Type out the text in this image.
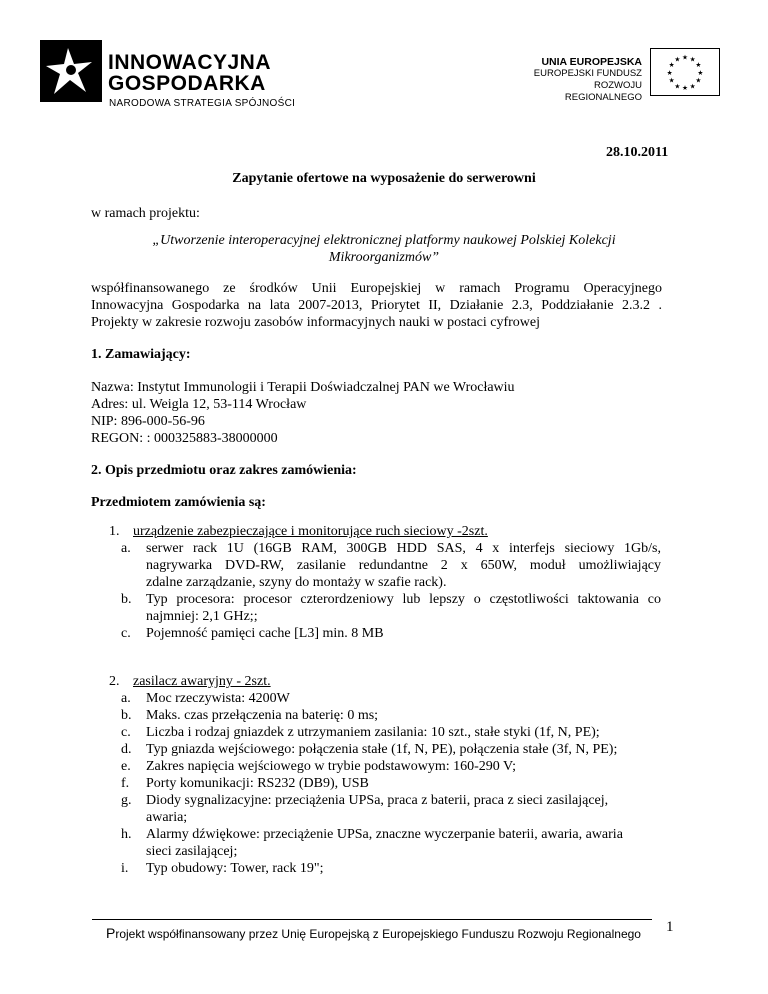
INNOWACYJNA
GOSPODARKA
NARODOWA STRATEGIA SPÓJNOŚCI
UNIA EUROPEJSKA
EUROPEJSKI FUNDUSZ
ROZWOJU REGIONALNEGO
★ ★
★
★
★
★
★
★
★
★
★
★
28.10.2011
Zapytanie ofertowe na wyposażenie do serwerowni
w ramach projektu:
„Utworzenie interoperacyjnej elektronicznej platformy naukowej Polskiej Kolekcji
Mikroorganizmów”
współfinansowanego ze środków Unii Europejskiej w ramach Programu Operacyjnego
Innowacyjna Gospodarka na lata 2007-2013, Priorytet II, Działanie 2.3, Poddziałanie 2.3.2 .
Projekty w zakresie rozwoju zasobów informacyjnych nauki w postaci cyfrowej
1. Zamawiający:
Nazwa: Instytut Immunologii i Terapii Doświadczalnej PAN we Wrocławiu
Adres: ul. Weigla 12, 53-114 Wrocław
NIP: 896-000-56-96
REGON: : 000325883-38000000
2. Opis przedmiotu oraz zakres zamówienia:
Przedmiotem zamówienia są:
1. urządzenie zabezpieczające i monitorujące ruch sieciowy -2szt.
a. serwer rack 1U (16GB RAM, 300GB HDD SAS, 4 x interfejs sieciowy 1Gb/s,
nagrywarka DVD-RW, zasilanie redundantne 2 x 650W, moduł umożliwiający
zdalne zarządzanie, szyny do montaży w szafie rack).
b. Typ procesora: procesor czterordzeniowy lub lepszy o częstotliwości taktowania co
najmniej: 2,1 GHz;;
c. Pojemność pamięci cache [L3] min. 8 MB
2. zasilacz awaryjny - 2szt.
a. Moc rzeczywista: 4200W
b. Maks. czas przełączenia na baterię: 0 ms;
c. Liczba i rodzaj gniazdek z utrzymaniem zasilania: 10 szt., stałe styki (1f, N, PE);
d. Typ gniazda wejściowego: połączenia stałe (1f, N, PE), połączenia stałe (3f, N, PE);
e. Zakres napięcia wejściowego w trybie podstawowym: 160-290 V;
f. Porty komunikacji: RS232 (DB9), USB
g. Diody sygnalizacyjne: przeciążenia UPSa, praca z baterii, praca z sieci zasilającej,
awaria;
h. Alarmy dźwiękowe: przeciążenie UPSa, znaczne wyczerpanie baterii, awaria, awaria
sieci zasilającej;
i. Typ obudowy: Tower, rack 19";
Projekt współfinansowany przez Unię Europejską z Europejskiego Funduszu Rozwoju Regionalnego 1
